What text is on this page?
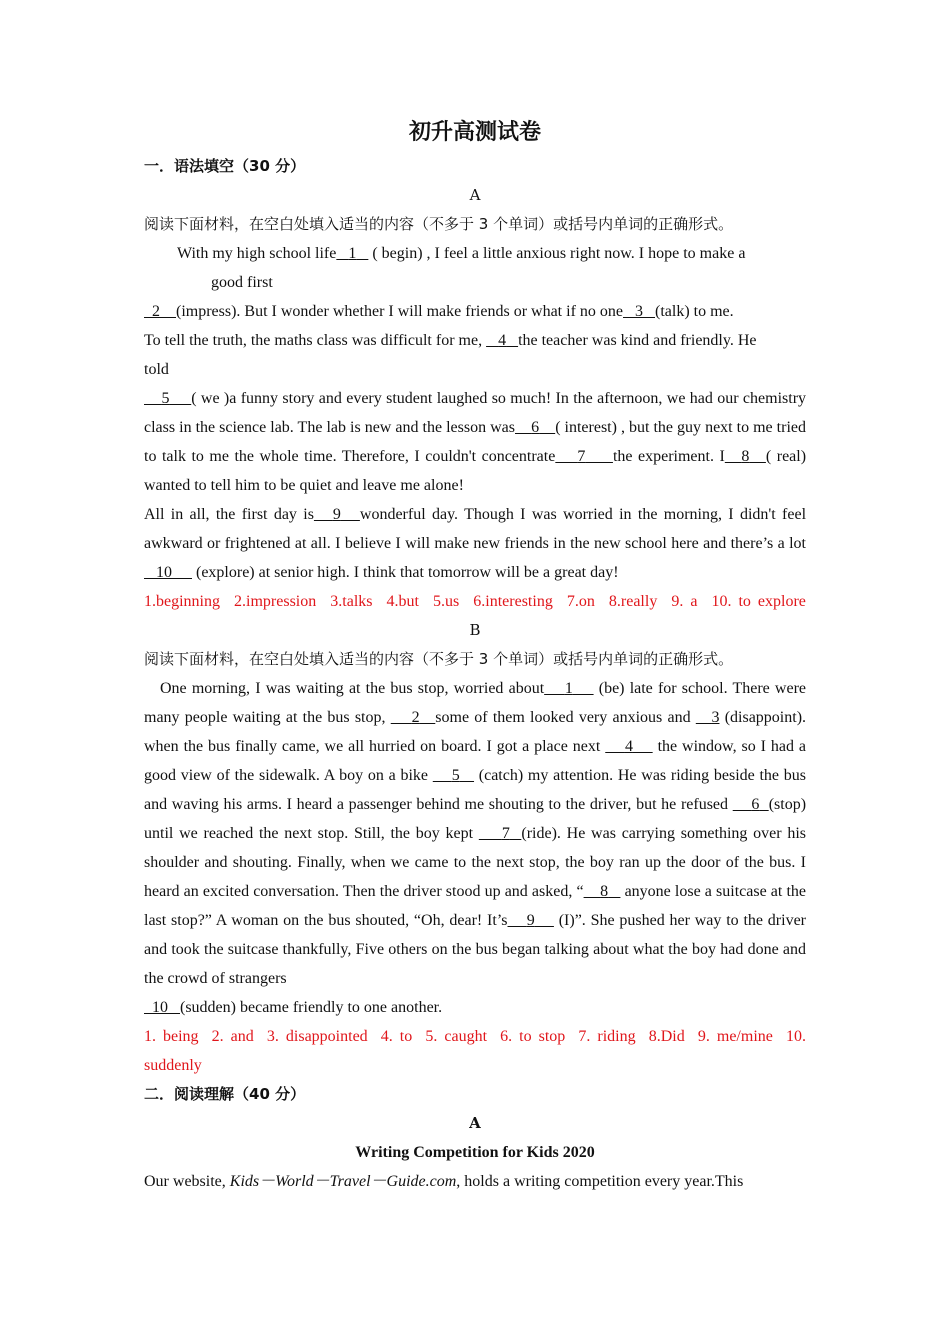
初升高测试卷
一．语法填空（30 分）
A
阅读下面材料，在空白处填入适当的内容（不多于 3 个单词）或括号内单词的正确形式。
With my high school life 1    ( begin) , I feel a little anxious right now. I hope to make a
good first
2 (impress). But I wonder whether I will make friends or what if no one 3 (talk) to me.
To tell the truth, the maths class was difficult for me,    4 the teacher was kind and friendly. He
told
5 ( we )a funny story and every student laughed so much! In the afternoon, we had our chemistry class in the science lab. The lab is new and the lesson was 6 ( interest) , but the guy next to me tried to talk to me the whole time. Therefore, I couldn't concentrate 7 the experiment. I 8 ( real) wanted to tell him to be quiet and leave me alone!
All in all, the first day is 9 wonderful day. Though I was worried in the morning, I didn't feel awkward or frightened at all. I believe I will make new friends in the new school here and there’s a lot   10      (explore) at senior high. I think that tomorrow will be a great day!
1.beginning 2.impression 3.talks 4.but 5.us 6.interesting 7.on 8.really 9. a 10. to explore
B
阅读下面材料，在空白处填入适当的内容（不多于 3 个单词）或括号内单词的正确形式。
One morning, I was waiting at the bus stop, worried about 1     (be) late for school. There were many people waiting at the bus stop,     2 some of them looked very anxious and    3 (disappoint). when the bus finally came, we all hurried on board. I got a place next     4     the window, so I had a good view of the sidewalk. A boy on a bike     5    (catch) my attention. He was riding beside the bus and waving his arms. I heard a passenger behind me shouting to the driver, but he refused     6 (stop) until we reached the next stop. Still, the boy kept     7 (ride). He was carrying something over his shoulder and shouting. Finally, when we came to the next stop, the boy ran up the door of the bus. I heard an excited conversation. Then the driver stood up and asked, “ 8    anyone lose a suitcase at the last stop?” A woman on the bus shouted, “Oh, dear! It’s 9     (I)”. She pushed her way to the driver and took the suitcase thankfully, Five others on the bus began talking about what the boy had done and the crowd of strangers
10 (sudden) became friendly to one another.
1. being 2. and 3. disappointed 4. to 5. caught 6. to stop 7. riding 8.Did 9. me/mine 10.
suddenly
二．阅读理解（40 分）
A
Writing Competition for Kids 2020
Our website, Kids－World－Travel－Guide.com, holds a writing competition every year.This
